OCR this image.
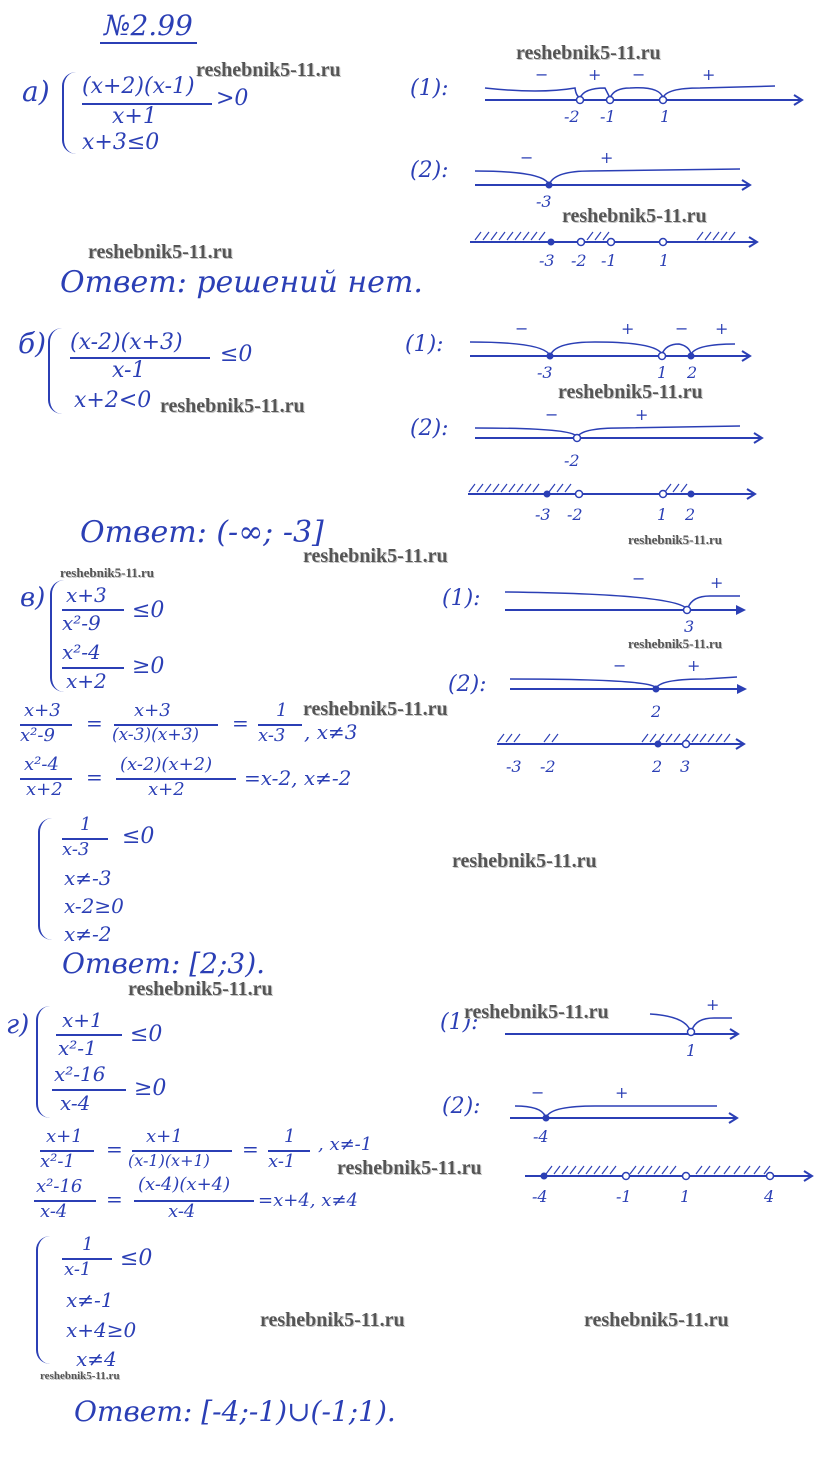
№2.99
а) (x+2)(x-1)
x+1
>0
x+3≤0
(1):
− + −	+
-2 -1	1
(2):
−	+
-3
-3 -2 -1	1
Ответ: решений нет.
б) (x-2)(x+3)
x-1
≤0
x+2<0
(1):
−	+	− +
-3	1 2
(2):
−	+
-2
-3 -2	1 2
Ответ: (-∞; -3]
в) x+3
x²-9 ≤0
x²-4
x+2
≥0
(1):
−	+
3
(2):
−	+
2
-3 -2	2 3
x+3
x²-9
=
x+3
(x-3)(x+3) =
1
x-3 , x≠3
x²-4
x+2
=
(x-2)(x+2)
x+2	=x-2, x≠-2
1
x-3
≤0
x≠-3
x-2≥0
x≠-2
Ответ: [2;3).
г) x+1
x²-1
≤0
x²-16
x-4
≥0
(1):
+
1
(2):
−	+
-4
-4	-1	1	4
x+1
x²-1
=
x+1
(x-1)(x+1) =
1
x-1
, x≠-1
x²-16
x-4
=
(x-4)(x+4)
x-4
=x+4, x≠4
1
x-1 ≤0
x≠-1
x+4≥0
x≠4
Ответ: [-4;-1)∪(-1;1).
reshebnik5-11.ru
reshebnik5-11.ru
reshebnik5-11.ru
reshebnik5-11.ru
reshebnik5-11.ru
reshebnik5-11.ru
reshebnik5-11.ru
reshebnik5-11.ru
reshebnik5-11.ru
reshebnik5-11.ru
reshebnik5-11.ru
reshebnik5-11.ru
reshebnik5-11.ru
reshebnik5-11.ru
reshebnik5-11.ru
reshebnik5-11.ru	reshebnik5-11.ru
reshebnik5-11.ru
